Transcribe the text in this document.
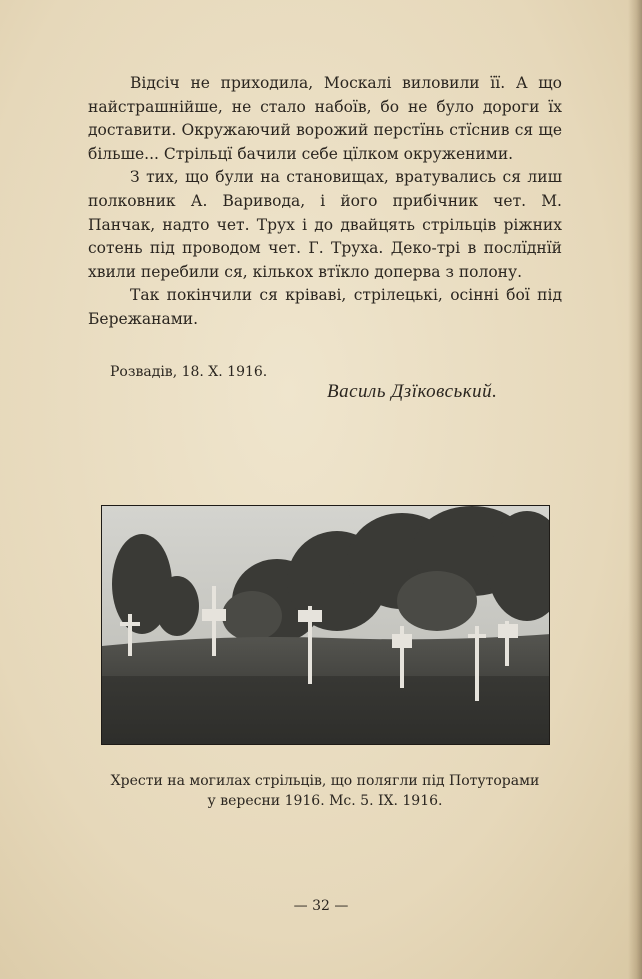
Відсіч не приходила, Москалі виловили її. А що найстрашнійше, не стало набоїв, бо не було дороги їх доставити. Окружаючий ворожий перстїнь стїснив ся ще більше... Стрільцї бачили себе цїлком окруженими.

З тих, що були на становищах, вратувались ся лиш полковник А. Варивода, і його прибічник чет. М. Панчак, надто чет. Трух і до двайцять стрільців ріжних сотень під проводом чет. Г. Труха. Деко-трі в послїднїй хвили перебили ся, кількох втїкло доперва з полону.

Так покінчили ся кріваві, стрілецькі, осінні бої під Бережанами.

Розвадів, 18. X. 1916.
Василь Дзїковський.
Хрести на могилах стрільців, що полягли під Потуторами
у вересни 1916. Мс. 5. IX. 1916.
— 32 —
